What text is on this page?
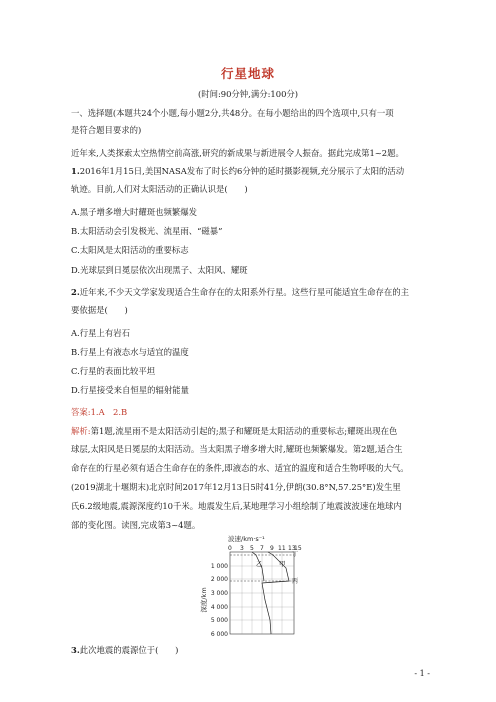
行星地球
(时间:90分钟,满分:100分)
一、选择题(本题共24个小题,每小题2分,共48分。在每小题给出的四个选项中,只有一项
是符合题目要求的)
近年来,人类探索太空热情空前高涨,研究的新成果与新进展令人振奋。据此完成第1~2题。
1.2016年1月15日,美国NASA发布了时长约6分钟的延时摄影视频,充分展示了太阳的活动
轨迹。目前,人们对太阳活动的正确认识是(　　)
A.黑子增多增大时耀斑也频繁爆发
B.太阳活动会引发极光、流星雨、“磁暴”
C.太阳风是太阳活动的重要标志
D.光球层到日冕层依次出现黑子、太阳风、耀斑
2.近年来,不少天文学家发现适合生命存在的太阳系外行星。这些行星可能适宜生命存在的主
要依据是(　　)
A.行星上有岩石
B.行星上有液态水与适宜的温度
C.行星的表面比较平坦
D.行星接受来自恒星的辐射能量
答案:1.A　2.B
解析:第1题,流星雨不是太阳活动引起的;黑子和耀斑是太阳活动的重要标志;耀斑出现在色
球层,太阳风是日冕层的太阳活动。当太阳黑子增多增大时,耀斑也频繁爆发。第2题,适合生
命存在的行星必须有适合生命存在的条件,即液态的水、适宜的温度和适合生物呼吸的大气。
(2019湖北十堰期末)北京时间2017年12月13日5时41分,伊朗(30.8°N,57.25°E)发生里
氏6.2级地震,震源深度约10千米。地震发生后,某地理学习小组绘制了地震波波速在地球内
部的变化图。读图,完成第3~4题。
波速/km·s⁻¹
0 3 5 7 9 11 13
15
乙	甲
丁
丙
1 000
2 000
3 000
4 000
5 000
6 000
深度/km
3.此次地震的震源位于(　　)
- 1 -
